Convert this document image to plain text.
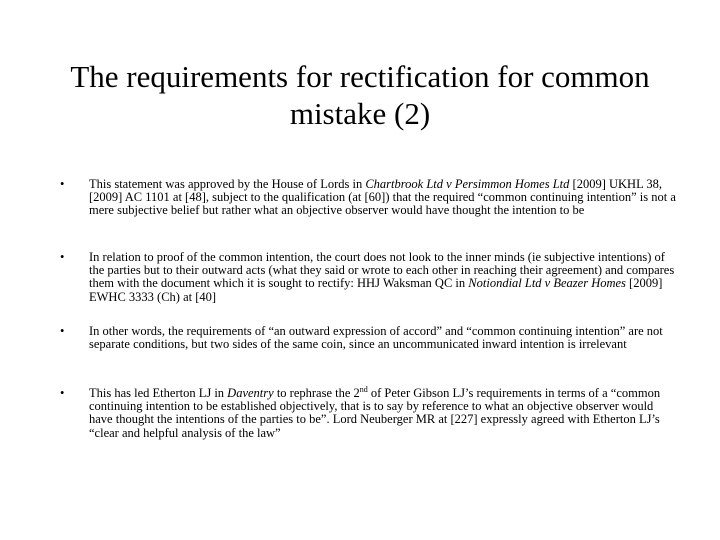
The requirements for rectification for common mistake (2)
• This statement was approved by the House of Lords in Chartbrook Ltd v Persimmon Homes Ltd [2009] UKHL 38, [2009] AC 1101 at [48], subject to the qualification (at [60]) that the required “common continuing intention” is not a mere subjective belief but rather what an objective observer would have thought the intention to be
• In relation to proof of the common intention, the court does not look to the inner minds (ie subjective intentions) of the parties but to their outward acts (what they said or wrote to each other in reaching their agreement) and compares them with the document which it is sought to rectify: HHJ Waksman QC in Notiondial Ltd v Beazer Homes [2009] EWHC 3333 (Ch) at [40]
• In other words, the requirements of “an outward expression of accord” and “common continuing intention” are not separate conditions, but two sides of the same coin, since an uncommunicated inward intention is irrelevant
• This has led Etherton LJ in Daventry to rephrase the 2nd of Peter Gibson LJ’s requirements in terms of a “common continuing intention to be established objectively, that is to say by reference to what an objective observer would have thought the intentions of the parties to be”. Lord Neuberger MR at [227] expressly agreed with Etherton LJ’s “clear and helpful analysis of the law”
